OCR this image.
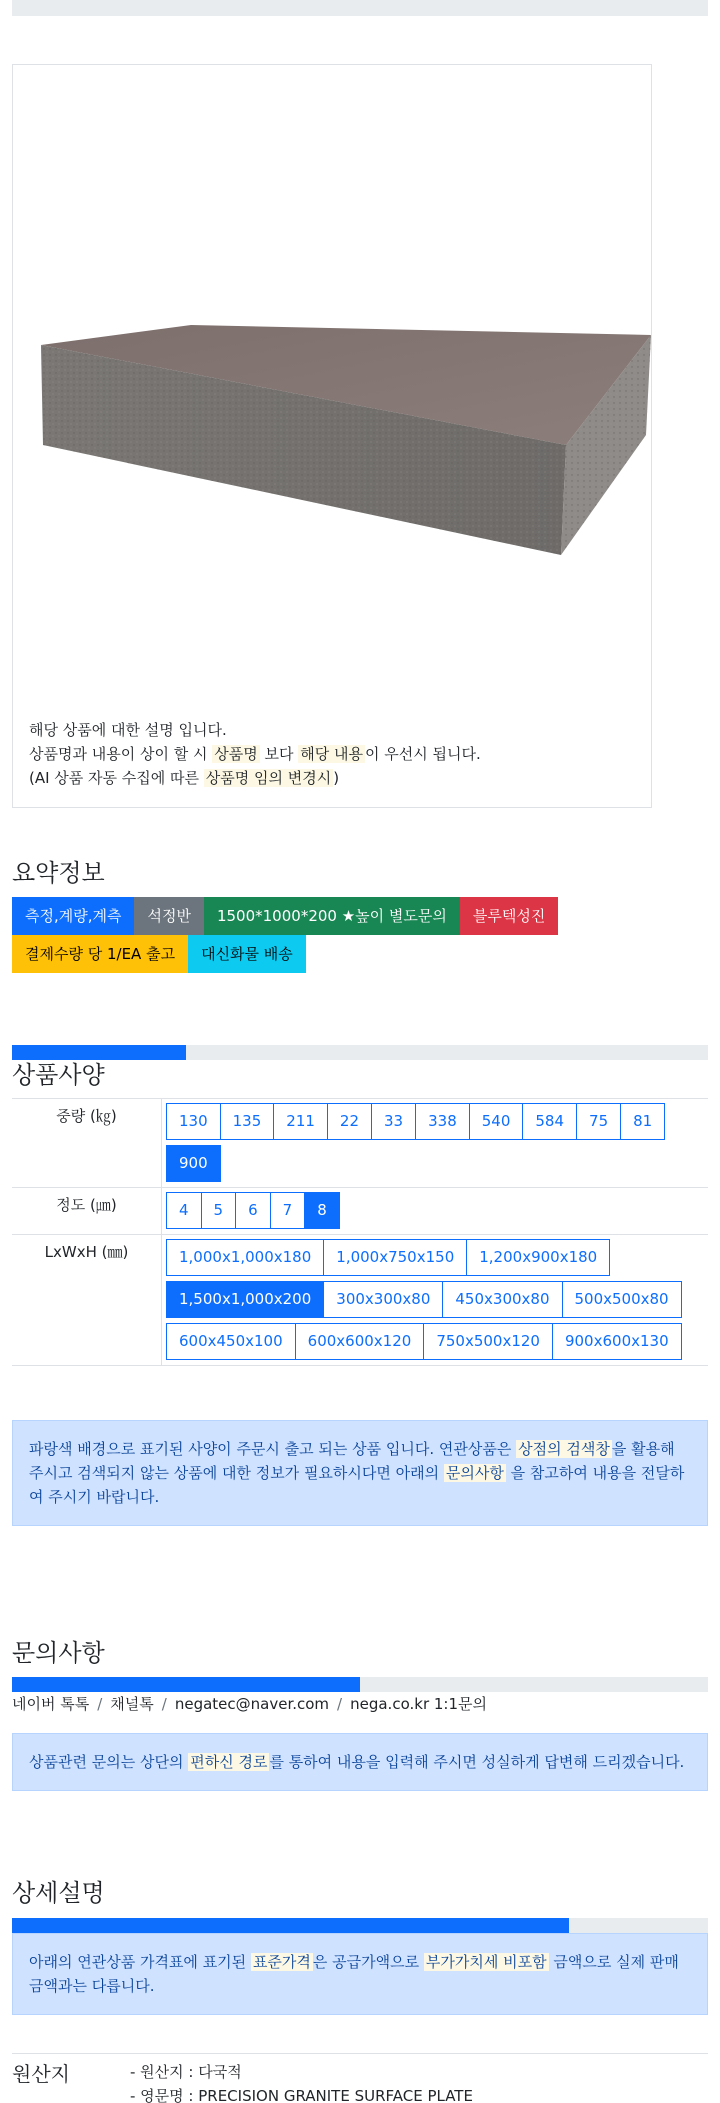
해당 상품에 대한 설명 입니다.
상품명과 내용이 상이 할 시 상품명 보다 해당 내용 이 우선시 됩니다.
(AI 상품 자동 수집에 따른 상품명 임의 변경시 )
요약정보
측정,계량,계측	석정반	1500*1000*200 ★높이 별도문의	블루텍성진
결제수량 당 1/EA 출고	대신화물 배송
상품사양
중량 (㎏)	130	135	211	22	33	338	540	584	75	81
900
정도 (㎛)	4	5	6	7	8
LxWxH (㎜)	1,000x1,000x180	1,000x750x150	1,200x900x180
1,500x1,000x200	300x300x80	450x300x80	500x500x80
600x450x100	600x600x120	750x500x120	900x600x130
파랑색 배경으로 표기된 사양이 주문시 출고 되는 상품 입니다. 연관상품은 상점의 검색창 을 활용해 주시고 검색되지 않는 상품에 대한 정보가 필요하시다면 아래의 문의사항 을 참고하여 내용을 전달하여 주시기 바랍니다.
문의사항
네이버 톡톡 / 채널톡 / negatec@naver.com / nega.co.kr 1:1문의
상품관련 문의는 상단의 편하신 경로 를 통하여 내용을 입력해 주시면 성실하게 답변해 드리겠습니다.
상세설명
아래의 연관상품 가격표에 표기된 표준가격 은 공급가액으로 부가가치세 비포함 금액으로 실제 판매금액과는 다릅니다.
원산지	- 원산지 : 다국적
- 영문명 : PRECISION GRANITE SURFACE PLATE
